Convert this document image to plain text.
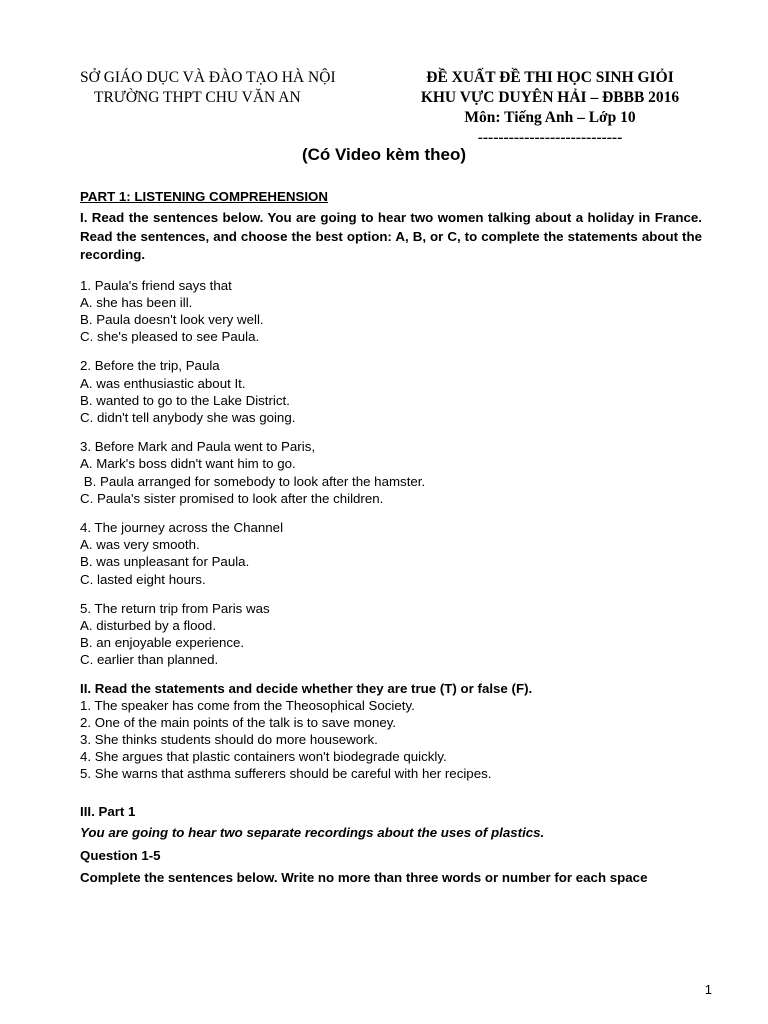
SỞ GIÁO DỤC VÀ ĐÀO TẠO HÀ NỘI
TRƯỜNG THPT CHU VĂN AN
ĐỀ XUẤT ĐỀ THI HỌC SINH GIỎI
KHU VỰC DUYÊN HẢI – ĐBBB 2016
Môn: Tiếng Anh – Lớp 10
----------------------------
(Có Video kèm theo)
PART 1: LISTENING COMPREHENSION

I. Read the sentences below. You are going to hear two women talking about a holiday in France. Read the sentences, and choose the best option: A, B, or C, to complete the statements about the recording.

1. Paula's friend says that
A. she has been ill.
B. Paula doesn't look very well.
C. she's pleased to see Paula.
2. Before the trip, Paula
A. was enthusiastic about It.
B. wanted to go to the Lake District.
C. didn't tell anybody she was going.
3. Before Mark and Paula went to Paris,
A. Mark's boss didn't want him to go.
B. Paula arranged for somebody to look after the hamster.
C. Paula's sister promised to look after the children.
4. The journey across the Channel
A. was very smooth.
B. was unpleasant for Paula.
C. lasted eight hours.
5. The return trip from Paris was
A. disturbed by a flood.
B. an enjoyable experience.
C. earlier than planned.
II. Read the statements and decide whether they are true (T) or false (F).
1. The speaker has come from the Theosophical Society.
2. One of the main points of the talk is to save money.
3. She thinks students should do more housework.
4. She argues that plastic containers won't biodegrade quickly.
5. She warns that asthma sufferers should be careful with her recipes.
III. Part 1
You are going to hear two separate recordings about the uses of plastics.
Question 1-5
Complete the sentences below. Write no more than three words or number for each space
1
